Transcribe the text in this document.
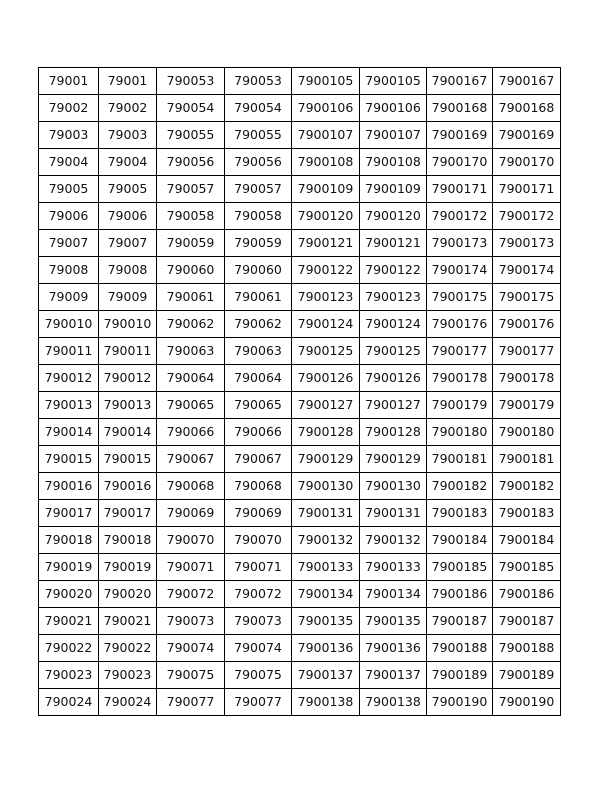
79001	79001	790053	790053	7900105	7900105	7900167	7900167
79002	79002	790054	790054	7900106	7900106	7900168	7900168
79003	79003	790055	790055	7900107	7900107	7900169	7900169
79004	79004	790056	790056	7900108	7900108	7900170	7900170
79005	79005	790057	790057	7900109	7900109	7900171	7900171
79006	79006	790058	790058	7900120	7900120	7900172	7900172
79007	79007	790059	790059	7900121	7900121	7900173	7900173
79008	79008	790060	790060	7900122	7900122	7900174	7900174
79009	79009	790061	790061	7900123	7900123	7900175	7900175
790010	790010	790062	790062	7900124	7900124	7900176	7900176
790011	790011	790063	790063	7900125	7900125	7900177	7900177
790012	790012	790064	790064	7900126	7900126	7900178	7900178
790013	790013	790065	790065	7900127	7900127	7900179	7900179
790014	790014	790066	790066	7900128	7900128	7900180	7900180
790015	790015	790067	790067	7900129	7900129	7900181	7900181
790016	790016	790068	790068	7900130	7900130	7900182	7900182
790017	790017	790069	790069	7900131	7900131	7900183	7900183
790018	790018	790070	790070	7900132	7900132	7900184	7900184
790019	790019	790071	790071	7900133	7900133	7900185	7900185
790020	790020	790072	790072	7900134	7900134	7900186	7900186
790021	790021	790073	790073	7900135	7900135	7900187	7900187
790022	790022	790074	790074	7900136	7900136	7900188	7900188
790023	790023	790075	790075	7900137	7900137	7900189	7900189
790024	790024	790077	790077	7900138	7900138	7900190	7900190
